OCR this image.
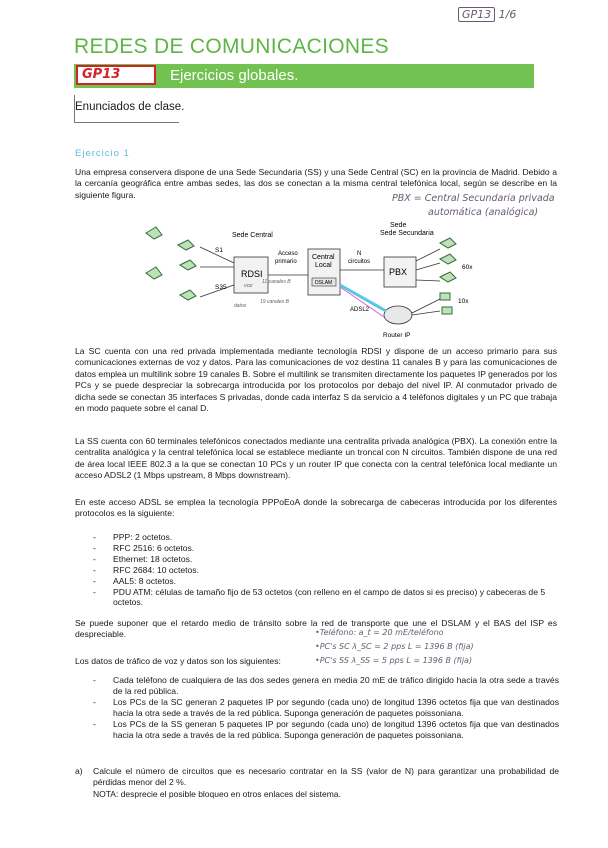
GP13 1/6
REDES DE COMUNICACIONES
GP13	Ejercicios globales.
Enunciados de clase.
Ejercicio 1

Una empresa conservera dispone de una Sede Secundaria (SS) y una Sede Central (SC) en la provincia de Madrid. Debido a la cercanía geográfica entre ambas sedes, las dos se conectan a la misma central telefónica local, según se describe en la siguiente figura.	PBX = Central Secundaria privada
automática (analógica)
RDSI
Sede Central
S1
S35
Central
Local
DSLAM
Acceso
primario
N
circuitos
PBX
Sede
Sede Secundaria
60x
10x
Router IP
ADSL2
voz
11 canales B
19 canales B
datos

La SC cuenta con una red privada implementada mediante tecnología RDSI y dispone de un acceso primario para sus comunicaciones externas de voz y datos. Para las comunicaciones de voz destina 11 canales B y para las comunicaciones de datos emplea un multilink sobre 19 canales B. Sobre el multilink se transmiten directamente los paquetes IP generados por los PCs y se puede despreciar la sobrecarga introducida por los protocolos por debajo del nivel IP. Al conmutador privado de dicha sede se conectan 35 interfaces S privadas, donde cada interfaz S da servicio a 4 teléfonos digitales y un PC que trabaja en modo paquete sobre el canal D.

La SS cuenta con 60 terminales telefónicos conectados mediante una centralita privada analógica (PBX). La conexión entre la centralita analógica y la central telefónica local se establece mediante un troncal con N circuitos. También dispone de una red de área local IEEE 802.3 a la que se conectan 10 PCs y un router IP que conecta con la central telefónica local mediante un acceso ADSL2 (1 Mbps upstream, 8 Mbps downstream).

En este acceso ADSL se emplea la tecnología PPPoEoA donde la sobrecarga de cabeceras introducida por los diferentes protocolos es la siguiente:

- PPP: 2 octetos.
- RFC 2516: 6 octetos.
- Ethernet: 18 octetos.
- RFC 2684: 10 octetos.
- AAL5: 8 octetos.
- PDU ATM: células de tamaño fijo de 53 octetos (con relleno en el campo de datos si es preciso) y cabeceras de 5 octetos.

Se puede suponer que el retardo medio de tránsito sobre la red de transporte que une el DSLAM y el BAS del ISP es despreciable.

Los datos de tráfico de voz y datos son los siguientes:

•Teléfono: a_t = 20 mE/teléfono
•PC's SC λ_SC = 2 pps L = 1396 B (fija)
•PC's SS λ_SS = 5 pps L = 1396 B (fija)
- Cada teléfono de cualquiera de las dos sedes genera en media 20 mE de tráfico dirigido hacia la otra sede a través de la red pública.
- Los PCs de la SC generan 2 paquetes IP por segundo (cada uno) de longitud 1396 octetos fija que van destinados hacia la otra sede a través de la red pública. Suponga generación de paquetes poissoniana.
- Los PCs de la SS generan 5 paquetes IP por segundo (cada uno) de longitud 1396 octetos fija que van destinados hacia la otra sede a través de la red pública. Suponga generación de paquetes poissoniana.
a) Calcule el número de circuitos que es necesario contratar en la SS (valor de N) para garantizar una probabilidad de pérdidas menor del 2 %.

NOTA: desprecie el posible bloqueo en otros enlaces del sistema.
